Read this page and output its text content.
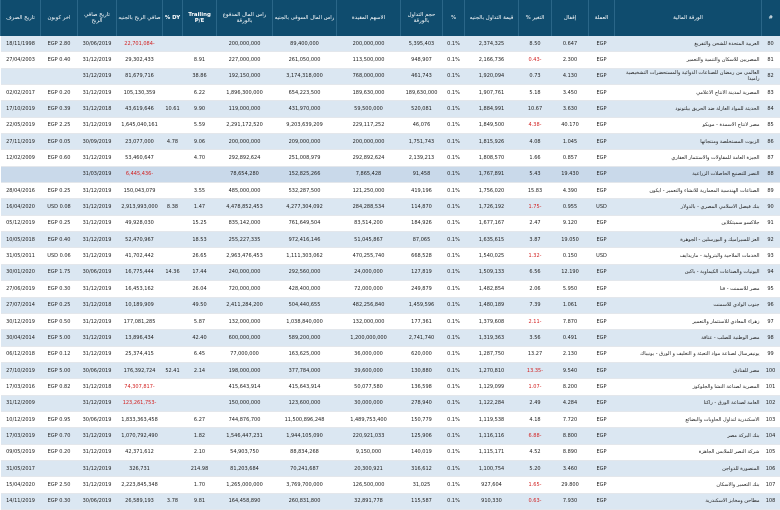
#	الورقة المالية	العملة	إقفال	التغير %	قيمة التداول بالجنيه	%	حجم التداول بالورقة	الاسهم المقيدة	راس المال السوقى بالجنيه	راس المال المدفوع بالورقة	Trailing P/E	DY %	صافي الربح بالجنيه	تاريخ صافي الربح	اخر كوبون	تاريخ الصرف
80	العربية المتحدة للشحن والتفريغ	EGP	0.647	8.50	2,374,325	0.1%	5,395,403	200,000,000	89,400,000	200,000,000			-22,701,084	30/06/2019	EGP 2.80	18/11/1998
81	المصريين للاسكان والتنمية والتعمير	EGP	2.300	-0.43	2,166,736	0.1%	948,907	113,500,000	261,050,000	227,000,000	8.91		29,302,433	31/12/2019	EGP 0.40	27/04/2003
82	العالمى من رمضان للصناعات الدوائية والمستحضرات التشخيصية راميدا	EGP	4.130	0.73	1,920,094	0.1%	461,743	768,000,000	3,174,318,000	192,150,000	38.86		81,679,716	31/12/2019		
83	المصرية لمدينة الانتاج الاعلامي	EGP	3.450	5.18	1,907,761	0.1%	189,630,000	189,630,000	654,223,500	1,896,300,000	6.22		105,130,359	31/12/2019	EGP 0.20	02/02/2017
84	الحديثة للمواد العازلة ضد الحريق بيلتونود	EGP	3.630	10.67	1,884,991	0.1%	520,081	59,500,000	431,970,000	119,000,000	9.90	10.61	43,619,646	31/12/2018	EGP 0.39	17/10/2019
85	مصر لانتاج الاسمدة - موبكو	EGP	40.170	-4.38	1,849,500	0.1%	46,076	229,117,252	9,203,639,209	2,291,172,520	5.59		1,645,040,161	31/12/2019	EGP 2.25	22/05/2019
86	الزيوت المستخلصة ومنتجاتها	EGP	1.045	4.08	1,815,926	0.1%	1,751,743	200,000,000	209,000,000	200,000,000	9.06	4.78	23,077,000	30/09/2019	EGP 0.05	27/11/2019
87	الجيزة العامة للمقاولات والاستثمار العقاري	EGP	0.857	1.66	1,808,570	0.1%	2,139,213	292,892,624	251,008,979	292,892,624	4.70		53,460,647	31/12/2019	EGP 0.60	12/02/2009
88	النصر للتصنيع الحاصلات الزراعية	EGP	19.430	5.43	1,767,891	0.1%	91,458	7,865,428	152,825,266	78,654,280			-6,445,436	31/03/2019		
89	الصناعات الهندسية المعمارية للانشاء والتعمير - ايكون	EGP	4.390	15.83	1,756,020	0.1%	419,196	121,250,000	532,287,500	485,000,000	3.55		150,043,079	31/12/2019	EGP 0.25	28/04/2016
90	بنك فيصل الاسلامي المصري - بالدولار	USD	0.955	-1.75	1,726,192	0.1%	114,870	284,288,534	4,277,304,092	4,478,852,453	1.47	8.38	2,913,993,000	31/12/2019	USD 0.08	16/04/2020
91	جلاكسو سميثكلاين	EGP	9.120	2.47	1,677,167	0.1%	184,926	83,514,200	761,649,504	835,142,000	15.25		49,928,030	31/12/2019	EGP 0.25	05/12/2019
92	العز للسيراميك و البورسلين - الجوهرة	EGP	19.050	3.87	1,635,615	0.1%	87,065	51,045,867	972,416,146	255,227,335	18.53		52,470,967	31/12/2019	EGP 0.40	10/05/2018
93	الخدمات الملاحية والبترولية - ماريدايف	USD	0.150	-1.32	1,540,025	0.1%	668,528	470,255,740	1,111,303,062	2,963,476,453	26.65		41,702,442	31/12/2019	USD 0.06	31/05/2011
94	اليونيات والصناعات الكيماوية - باكين	EGP	12.190	6.56	1,509,133	0.1%	127,819	24,000,000	292,560,000	240,000,000	17.44	14.36	16,775,444	30/06/2019	EGP 1.75	30/01/2020
95	مصر للاسمنت - قنا	EGP	5.950	2.06	1,482,854	0.1%	249,879	72,000,000	428,400,000	720,000,000	26.04		16,453,162	31/12/2019	EGP 0.30	27/06/2019
96	جنوب الوادي للاسمنت	EGP	1.061	7.39	1,480,189	0.1%	1,459,596	482,256,840	504,440,655	2,411,284,200	49.50		10,189,909	31/12/2018	EGP 0.25	27/07/2014
97	زهراء المعادي للاستثمار والتعمير	EGP	7.870	-2.11	1,379,608	0.1%	177,361	132,000,000	1,038,840,000	132,000,000	5.87		177,081,285	31/12/2019	EGP 0.50	30/12/2019
98	مصر الوطنية للصلب - عتاقة	EGP	0.491	3.56	1,319,363	0.1%	2,741,740	1,200,000,000	589,200,000	600,000,000	42.40		13,896,434	31/12/2019	EGP 5.00	30/04/2014
99	يونيفرسال لصناعة مواد التعبئة و التغليف و الورق - يونيباك	EGP	2.130	13.27	1,287,750	0.1%	620,000	36,000,000	163,625,000	77,000,000	6.45		25,374,415	31/12/2019	EGP 0.12	06/12/2018
100	مصر للفنادق	EGP	9.540	-13.35	1,270,810	0.1%	130,880	39,600,000	377,784,000	198,000,000	2.14	52.41	176,392,724	30/06/2019	EGP 5.00	27/10/2019
101	المصرية لصناعة النشا والجلوكوز	EGP	8.200	-1.07	1,129,099	0.1%	136,598	50,077,580	415,643,914	415,643,914			-74,307,817	31/12/2018	EGP 0.82	17/03/2016
102	العامة لصناعة الورق - راكتا	EGP	4.284	2.49	1,122,284	0.1%	278,940	30,000,000	123,600,000	150,000,000			-123,261,753	31/12/2019		31/12/2009
103	الاسكندرية لتداول الحاويات والبضائع	EGP	7.720	4.18	1,119,538	0.1%	150,779	1,489,753,400	11,500,896,248	744,876,700	6.27		1,833,363,458	30/06/2019	EGP 0.95	10/12/2019
104	بنك البركة مصر	EGP	8.800	-6.88	1,116,116	0.1%	125,906	220,921,033	1,944,105,090	1,546,447,231	1.82		1,070,792,490	31/12/2019	EGP 0.70	17/03/2019
105	شركة النصر للملابس الجاهزة	EGP	8.890	4.52	1,115,171	0.1%	140,019	9,150,000	88,834,268	54,903,750	2.10		42,371,612	31/12/2019	EGP 0.20	09/05/2019
106	المنصورة للدواجن	EGP	3.460	5.20	1,100,754	0.1%	316,612	20,300,921	70,241,687	81,203,684	214.98		326,731	31/12/2019		31/05/2017
107	بنك التعمير والاسكان	EGP	29.800	-1.65	927,604	0.1%	31,025	126,500,000	3,769,700,000	1,265,000,000	1.70		2,223,845,348	31/12/2019	EGP 2.50	15/04/2020
108	مطاحن ومخابز الاسكندرية	EGP	7.930	-0.63	910,330	0.1%	115,587	32,891,778	260,831,800	164,458,890	9.81	3.78	26,589,193	30/06/2019	EGP 0.30	14/11/2019
